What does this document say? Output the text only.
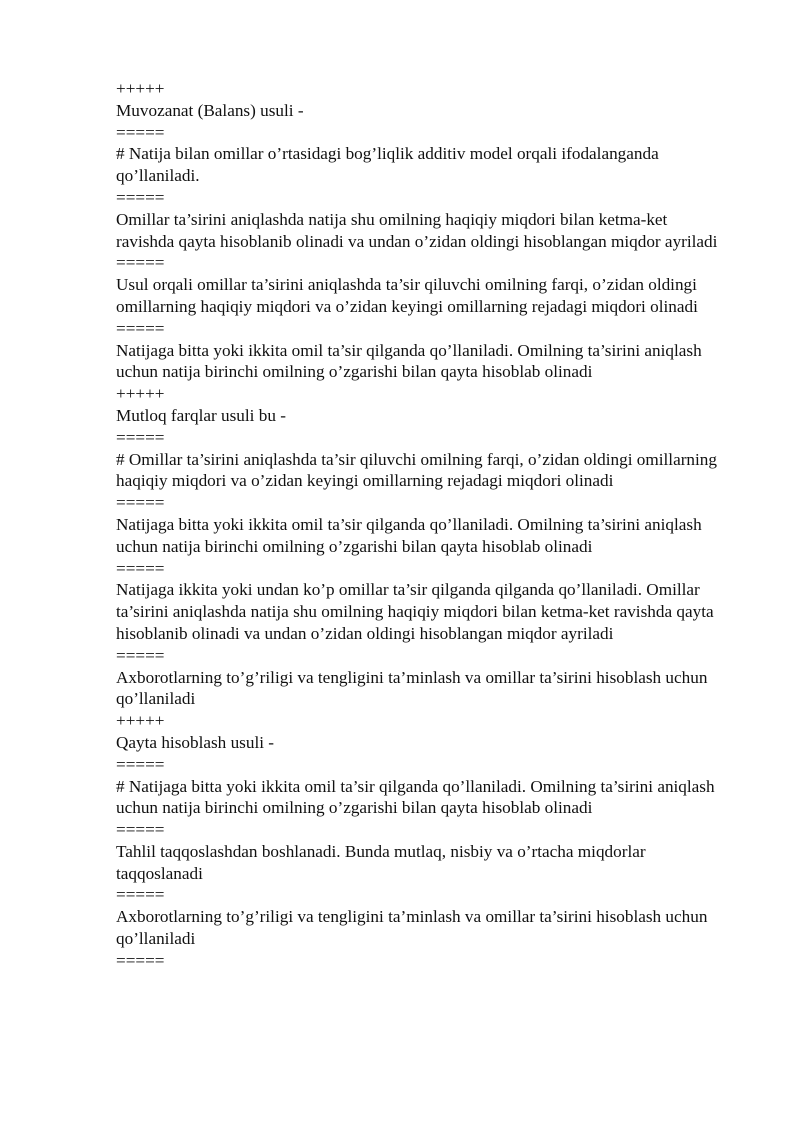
+++++

Muvozanat (Balans) usuli -

=====

# Natija bilan omillar o’rtasidagi bog’liqlik additiv model orqali ifodalanganda qo’llaniladi.

=====

Omillar ta’sirini aniqlashda natija shu omilning haqiqiy miqdori bilan ketma-ket ravishda qayta hisoblanib olinadi va undan o’zidan oldingi hisoblangan miqdor ayriladi

=====

Usul orqali omillar ta’sirini aniqlashda ta’sir qiluvchi omilning farqi, o’zidan oldingi omillarning haqiqiy miqdori va o’zidan keyingi omillarning rejadagi miqdori olinadi

=====

Natijaga bitta yoki ikkita omil ta’sir qilganda qo’llaniladi. Omilning ta’sirini aniqlash uchun natija birinchi omilning o’zgarishi bilan qayta hisoblab olinadi

+++++

Mutloq farqlar usuli bu -

=====

# Omillar ta’sirini aniqlashda ta’sir qiluvchi omilning farqi, o’zidan oldingi omillarning haqiqiy miqdori va o’zidan keyingi omillarning rejadagi miqdori olinadi

=====

Natijaga bitta yoki ikkita omil ta’sir qilganda qo’llaniladi. Omilning ta’sirini aniqlash uchun natija birinchi omilning o’zgarishi bilan qayta hisoblab olinadi

=====

Natijaga ikkita yoki undan ko’p omillar ta’sir qilganda qilganda qo’llaniladi. Omillar ta’sirini aniqlashda natija shu omilning haqiqiy miqdori bilan ketma-ket ravishda qayta hisoblanib olinadi va undan o’zidan oldingi hisoblangan miqdor ayriladi

=====

Axborotlarning to’g’riligi va tengligini ta’minlash va omillar ta’sirini hisoblash uchun qo’llaniladi

+++++

Qayta hisoblash usuli -

=====

# Natijaga bitta yoki ikkita omil ta’sir qilganda qo’llaniladi. Omilning ta’sirini aniqlash uchun natija birinchi omilning o’zgarishi bilan qayta hisoblab olinadi

=====

Tahlil taqqoslashdan boshlanadi. Bunda mutlaq, nisbiy va o’rtacha miqdorlar taqqoslanadi

=====

Axborotlarning to’g’riligi va tengligini ta’minlash va omillar ta’sirini hisoblash uchun qo’llaniladi

=====
